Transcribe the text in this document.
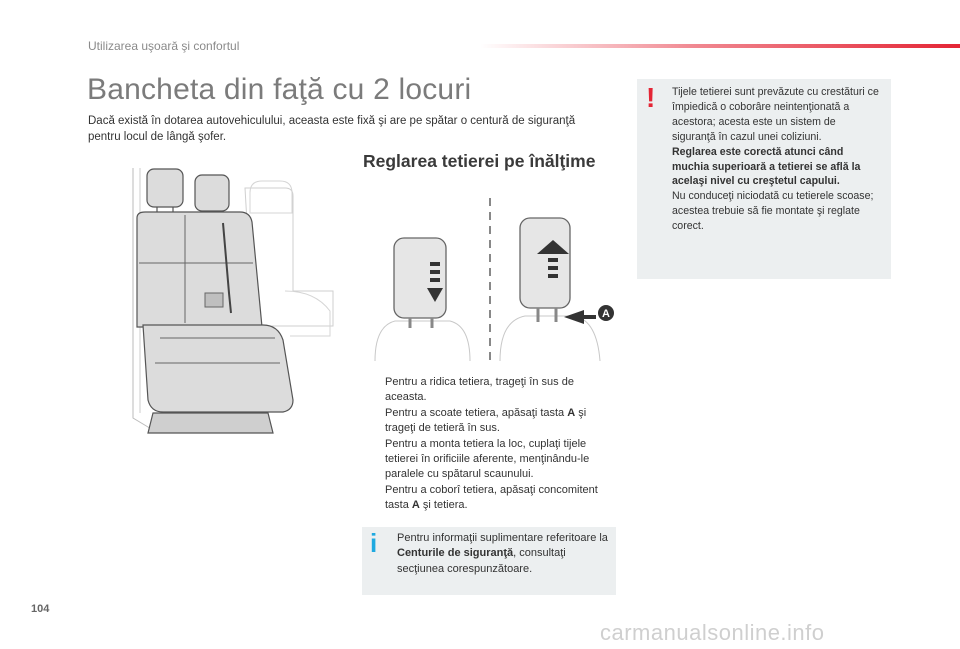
Utilizarea uşoară şi confortul
Bancheta din faţă cu 2 locuri
Dacă există în dotarea autovehiculului, aceasta este fixă şi are pe spătar o centură de siguranţă pentru locul de lângă şofer.
Reglarea tetierei pe înălţime
A

Pentru a ridica tetiera, trageţi în sus de aceasta.

Pentru a scoate tetiera, apăsaţi tasta A şi trageţi de tetieră în sus.

Pentru a monta tetiera la loc, cuplaţi tijele tetierei în orificiile aferente, menţinându-le paralele cu spătarul scaunului.

Pentru a coborî tetiera, apăsaţi concomitent tasta A şi tetiera.

! Tijele tetierei sunt prevăzute cu crestături ce împiedică o coborâre neintenţionată a acestora; acesta este un sistem de siguranţă în cazul unei coliziuni.
Reglarea este corectă atunci când muchia superioară a tetierei se află la acelaşi nivel cu creştetul capului.
Nu conduceţi niciodată cu tetierele scoase; acestea trebuie să fie montate şi reglate corect.
i Pentru informaţii suplimentare referitoare la Centurile de siguranţă, consultaţi secţiunea corespunzătoare.
104
carmanualsonline.info
